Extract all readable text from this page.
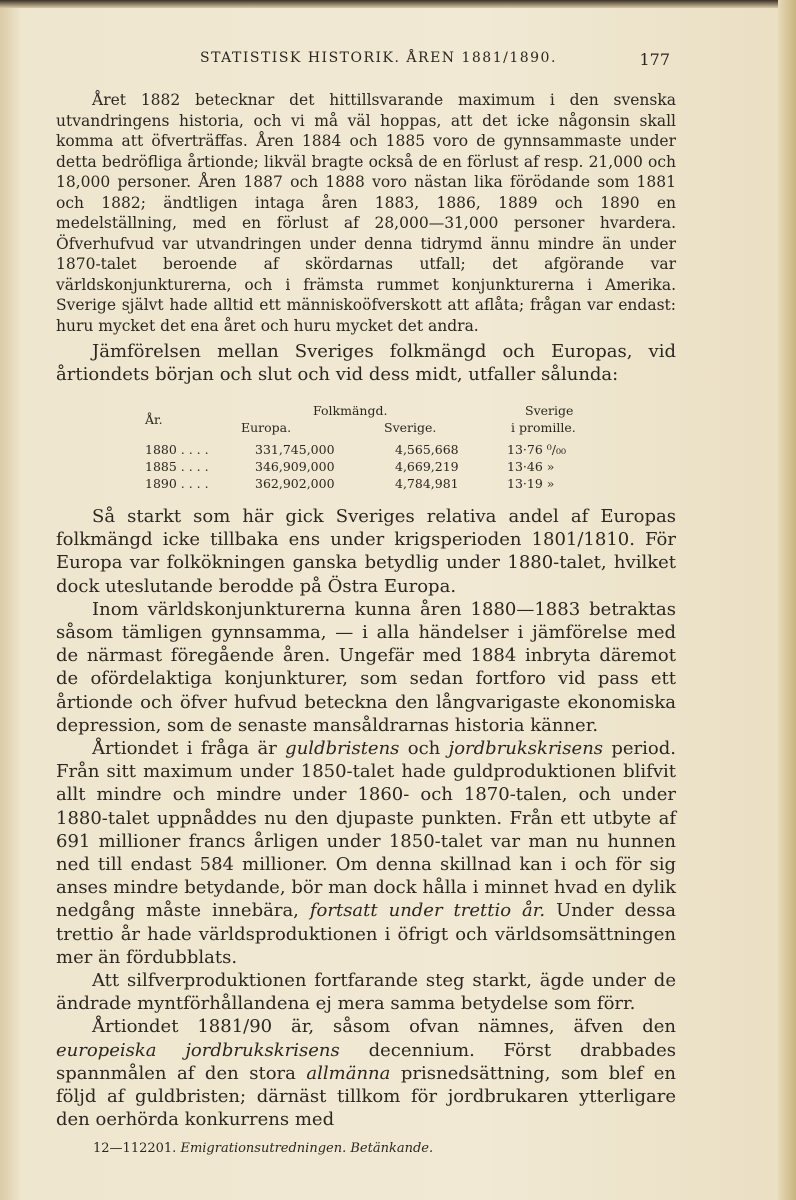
STATISTISK HISTORIK. ÅREN 1881/1890.	177

Året 1882 betecknar det hittillsvarande maximum i den svenska utvandringens historia, och vi må väl hoppas, att det icke någonsin skall komma att öfverträffas. Åren 1884 och 1885 voro de gynnsammaste under detta bedröfliga årtionde; likväl bragte också de en förlust af resp. 21,000 och 18,000 personer. Åren 1887 och 1888 voro nästan lika förödande som 1881 och 1882; ändtligen intaga åren 1883, 1886, 1889 och 1890 en medelställning, med en förlust af 28,000—31,000 personer hvardera. Öfverhufvud var utvandringen under denna tidrymd ännu mindre än under 1870-talet beroende af skördarnas utfall; det afgörande var världskonjunkturerna, och i främsta rummet konjunkturerna i Amerika. Sverige självt hade alltid ett människoöfverskott att aflåta; frågan var endast: huru mycket det ena året och huru mycket det andra.

Jämförelsen mellan Sveriges folkmängd och Europas, vid årtiondets början och slut och vid dess midt, utfaller sålunda:

År.
Folkmängd.
Europa.	Sverige.
Sverige
i promille.
1880 . . . .	331,745,000	4,565,668	13·76 ⁰/₀₀
1885 . . . .	346,909,000	4,669,219	13·46 »
1890 . . . .	362,902,000	4,784,981	13·19 »

Så starkt som här gick Sveriges relativa andel af Europas folkmängd icke tillbaka ens under krigsperioden 1801/1810. För Europa var folkökningen ganska betydlig under 1880-talet, hvilket dock uteslutande berodde på Östra Europa.

Inom världskonjunkturerna kunna åren 1880—1883 betraktas såsom tämligen gynnsamma, — i alla händelser i jämförelse med de närmast föregående åren. Ungefär med 1884 inbryta däremot de ofördelaktiga konjunkturer, som sedan fortforo vid pass ett årtionde och öfver hufvud beteckna den långvarigaste ekonomiska depression, som de senaste mansåldrarnas historia känner.

Årtiondet i fråga är guldbristens och jordbrukskrisens period. Från sitt maximum under 1850-talet hade guldproduktionen blifvit allt mindre och mindre under 1860- och 1870-talen, och under 1880-talet uppnåddes nu den djupaste punkten. Från ett utbyte af 691 millioner francs årligen under 1850-talet var man nu hunnen ned till endast 584 millioner. Om denna skillnad kan i och för sig anses mindre betydande, bör man dock hålla i minnet hvad en dylik nedgång måste innebära, fortsatt under trettio år. Under dessa trettio år hade världsproduktionen i öfrigt och världsomsättningen mer än fördubblats.

Att silfverproduktionen fortfarande steg starkt, ägde under de ändrade myntförhållandena ej mera samma betydelse som förr.

Årtiondet 1881/90 är, såsom ofvan nämnes, äfven den europeiska jordbrukskrisens decennium. Först drabbades spannmålen af den stora allmänna prisnedsättning, som blef en följd af guldbristen; därnäst tillkom för jordbrukaren ytterligare den oerhörda konkurrens med

12—112201. Emigrationsutredningen. Betänkande.
